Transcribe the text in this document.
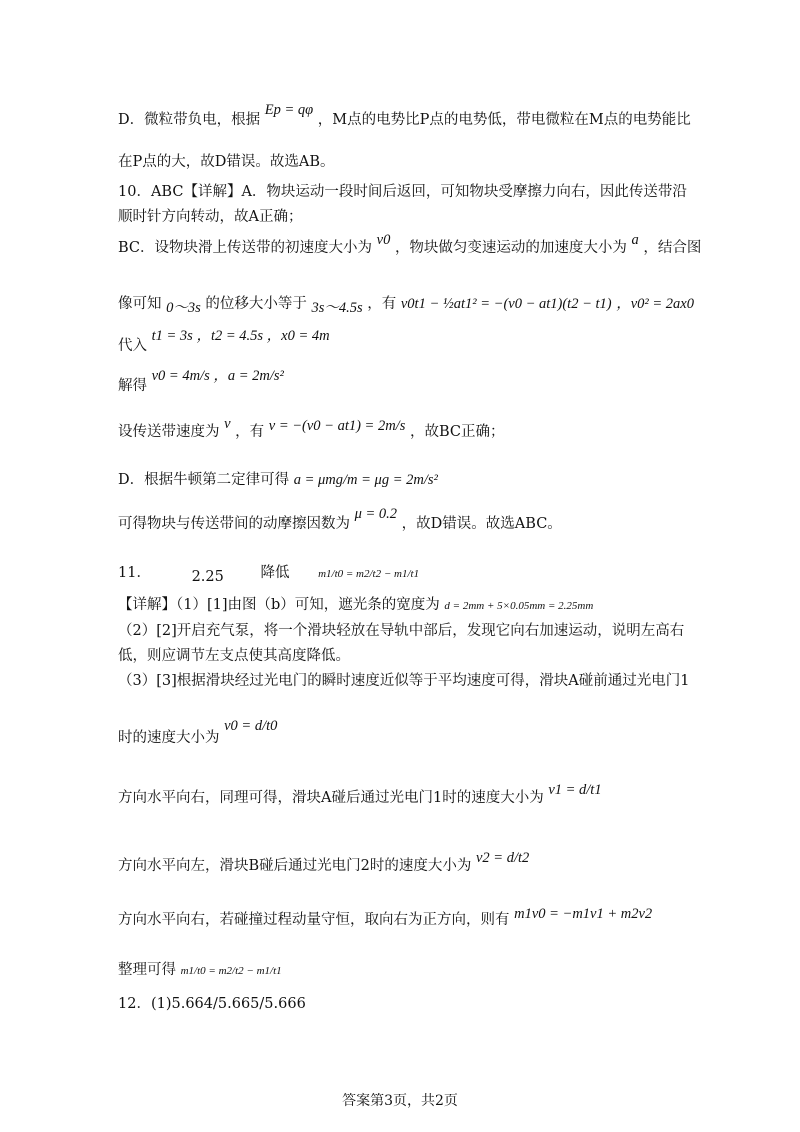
D．微粒带负电，根据 Ep = qφ ，M点的电势比P点的电势低，带电微粒在M点的电势能比
在P点的大，故D错误。故选AB。
10．ABC【详解】A．物块运动一段时间后返回，可知物块受摩擦力向右，因此传送带沿
顺时针方向转动，故A正确；
BC．设物块滑上传送带的初速度大小为 v0 ，物块做匀变速运动的加速度大小为 a ，结合图
像可知 0～3s 的位移大小等于 3s～4.5s ，有 v0t1 − ½at1² = −(v0 − at1)(t2 − t1) ，v0² = 2ax0
代入 t1 = 3s ，t2 = 4.5s ，x0 = 4m
解得 v0 = 4m/s ，a = 2m/s²
设传送带速度为 v ，有 v = −(v0 − at1) = 2m/s ，故BC正确；
D．根据牛顿第二定律可得 a = μmg/m = μg = 2m/s²
可得物块与传送带间的动摩擦因数为 μ = 0.2 ，故D错误。故选ABC。
11．	2.25	降低	m1/t0 = m2/t2 − m1/t1
【详解】（1）[1]由图（b）可知，遮光条的宽度为 d = 2mm + 5×0.05mm = 2.25mm
（2）[2]开启充气泵，将一个滑块轻放在导轨中部后，发现它向右加速运动，说明左高右
低，则应调节左支点使其高度降低。
（3）[3]根据滑块经过光电门的瞬时速度近似等于平均速度可得，滑块A碰前通过光电门1
时的速度大小为 v0 = d/t0
方向水平向右，同理可得，滑块A碰后通过光电门1时的速度大小为 v1 = d/t1
方向水平向左，滑块B碰后通过光电门2时的速度大小为 v2 = d/t2
方向水平向右，若碰撞过程动量守恒，取向右为正方向，则有 m1v0 = −m1v1 + m2v2
整理可得 m1/t0 = m2/t2 − m1/t1
12．(1)5.664/5.665/5.666
答案第3页，共2页
